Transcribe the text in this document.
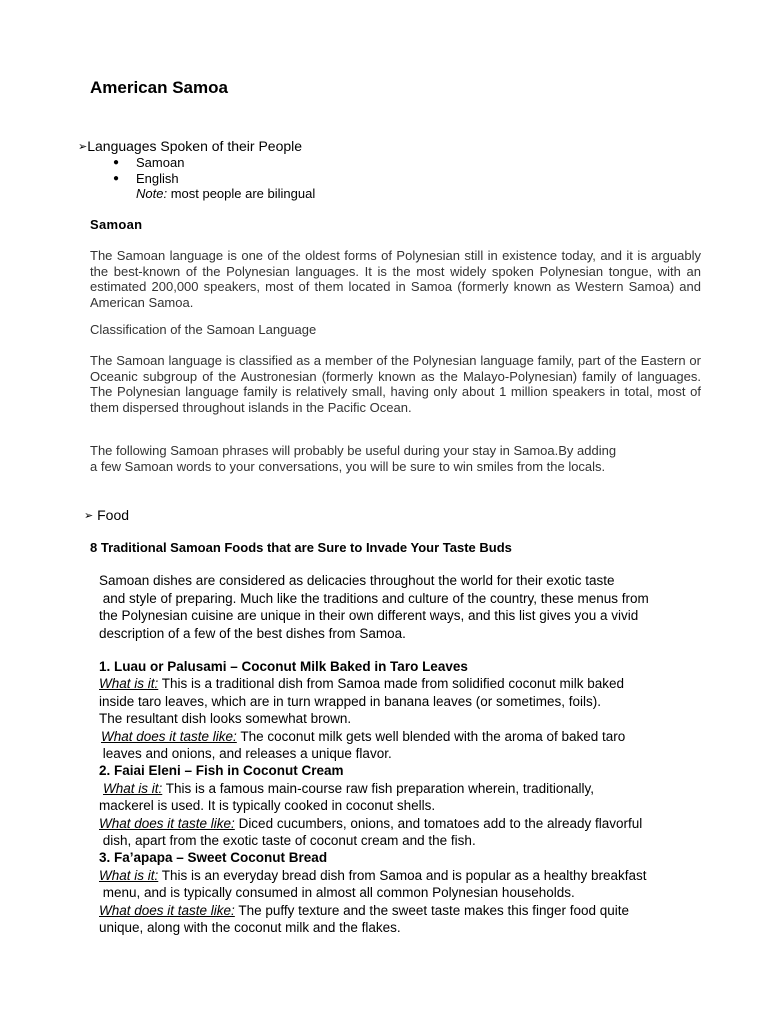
American Samoa
➢Languages Spoken of their People
● Samoan
● English
Note: most people are bilingual
Samoan

The Samoan language is one of the oldest forms of Polynesian still in existence today, and it is arguably the best-known of the Polynesian languages. It is the most widely spoken Polynesian tongue, with an estimated 200,000 speakers, most of them located in Samoa (formerly known as Western Samoa) and American Samoa.

Classification of the Samoan Language

The Samoan language is classified as a member of the Polynesian language family, part of the Eastern or Oceanic subgroup of the Austronesian (formerly known as the Malayo-Polynesian) family of languages. The Polynesian language family is relatively small, having only about 1 million speakers in total, most of them dispersed throughout islands in the Pacific Ocean.

The following Samoan phrases will probably be useful during your stay in Samoa.By adding

a few Samoan words to your conversations, you will be sure to win smiles from the locals.

➢ Food
8 Traditional Samoan Foods that are Sure to Invade Your Taste Buds
Samoan dishes are considered as delicacies throughout the world for their exotic taste
and style of preparing. Much like the traditions and culture of the country, these menus from
the Polynesian cuisine are unique in their own different ways, and this list gives you a vivid
description of a few of the best dishes from Samoa.
1. Luau or Palusami – Coconut Milk Baked in Taro Leaves
What is it: This is a traditional dish from Samoa made from solidified coconut milk baked
inside taro leaves, which are in turn wrapped in banana leaves (or sometimes, foils).
The resultant dish looks somewhat brown.
What does it taste like: The coconut milk gets well blended with the aroma of baked taro
leaves and onions, and releases a unique flavor.
2. Faiai Eleni – Fish in Coconut Cream
What is it: This is a famous main-course raw fish preparation wherein, traditionally,
mackerel is used. It is typically cooked in coconut shells.
What does it taste like: Diced cucumbers, onions, and tomatoes add to the already flavorful
dish, apart from the exotic taste of coconut cream and the fish.
3. Fa’apapa – Sweet Coconut Bread
What is it: This is an everyday bread dish from Samoa and is popular as a healthy breakfast
menu, and is typically consumed in almost all common Polynesian households.
What does it taste like: The puffy texture and the sweet taste makes this finger food quite
unique, along with the coconut milk and the flakes.
